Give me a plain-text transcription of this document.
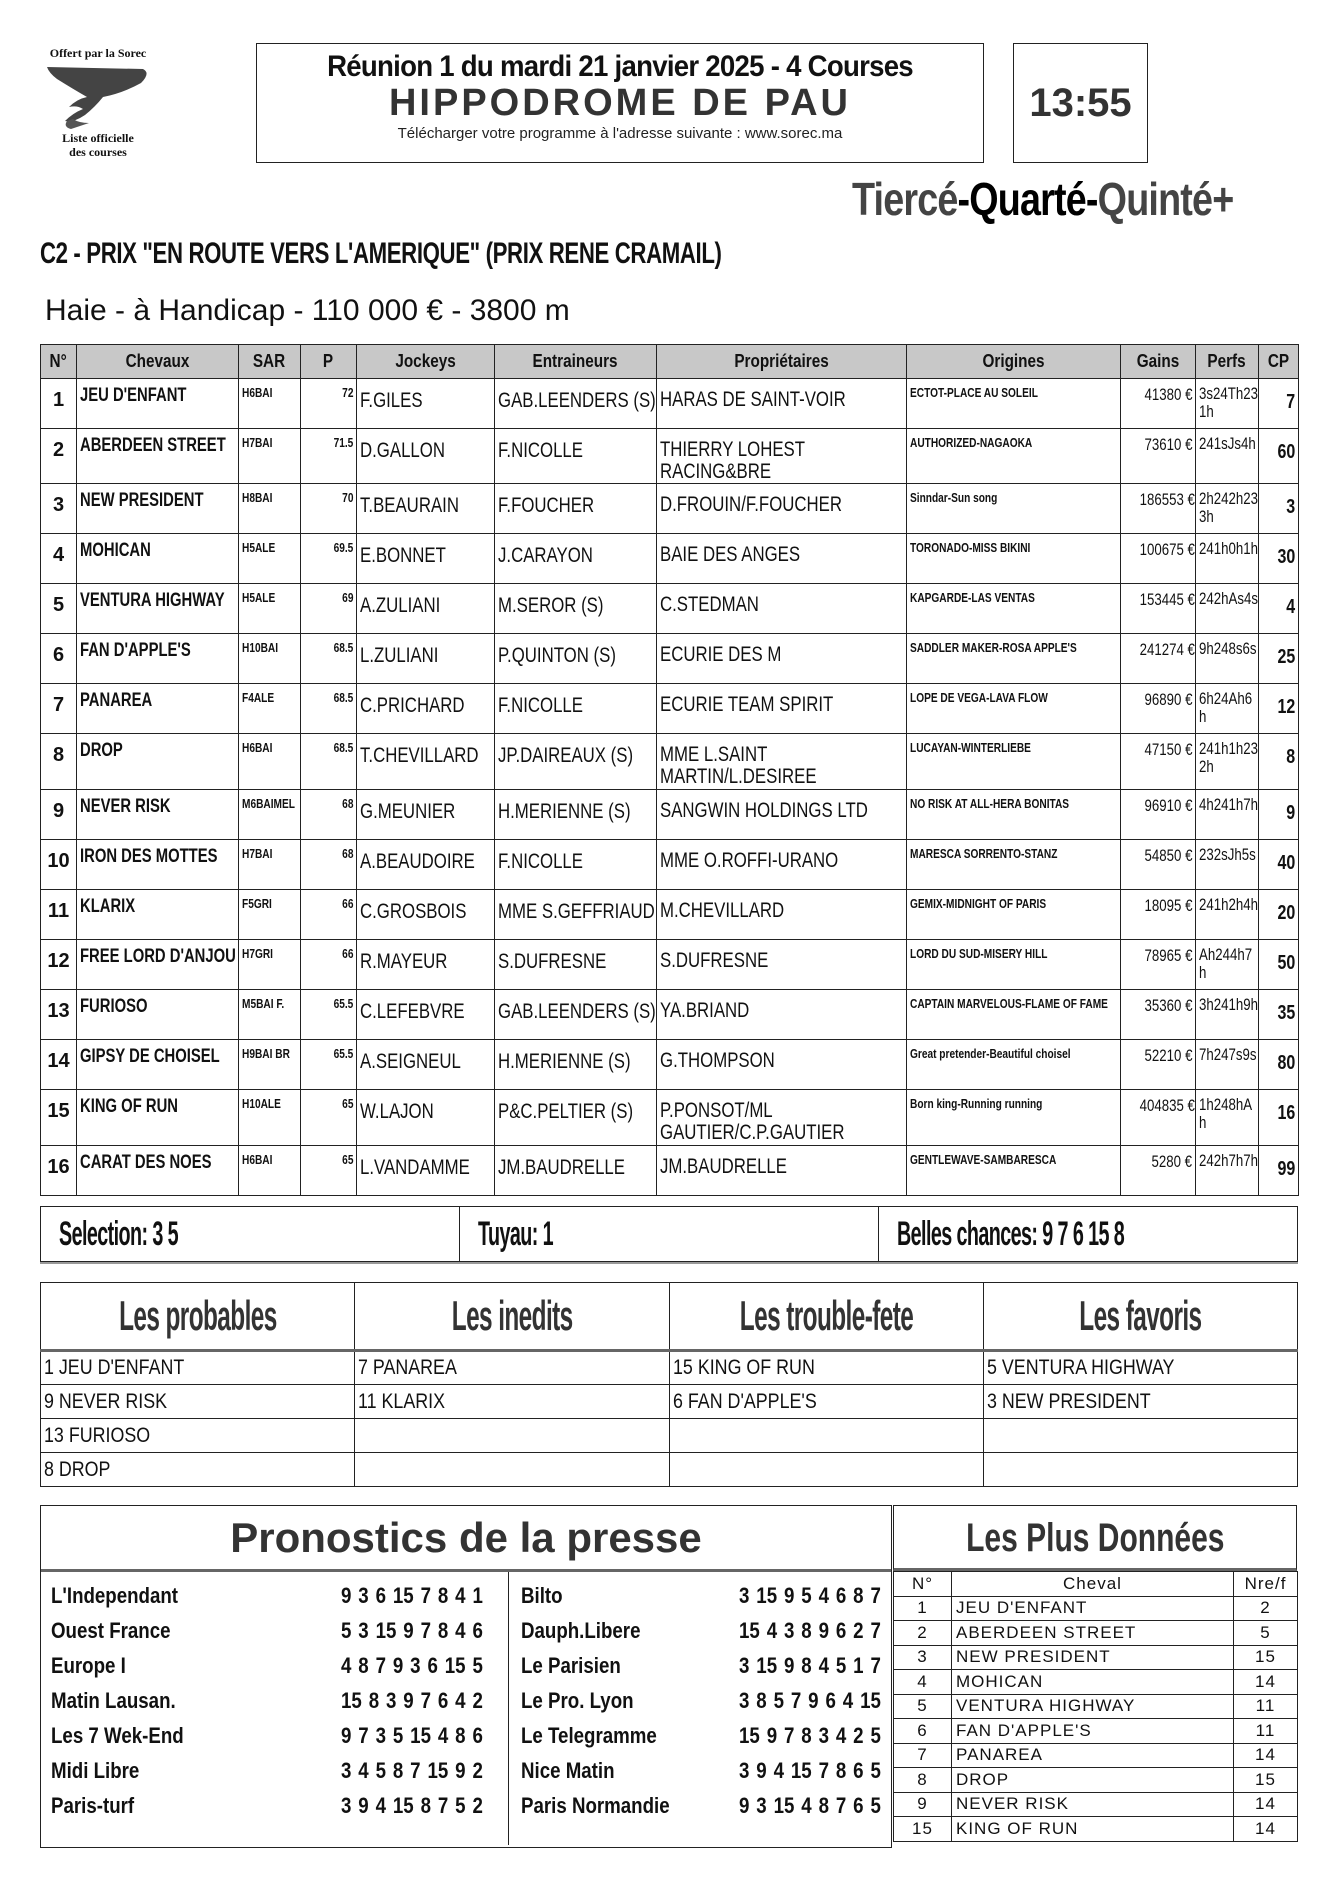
Offert par la Sorec
Liste officielle
des courses
Réunion 1 du mardi 21 janvier 2025 - 4 Courses
HIPPODROME DE PAU
Télécharger votre programme à l'adresse suivante : www.sorec.ma
13:55
Tiercé-Quarté-Quinté+
C2 - PRIX "EN ROUTE VERS L'AMERIQUE" (PRIX RENE CRAMAIL)
Haie - à Handicap - 110 000 € - 3800 m
N°	Chevaux	SAR	P	Jockeys	Entraineurs	Propriétaires	Origines	Gains	Perfs	CP
1	JEU D'ENFANT	H6BAI	72	F.GILES	GAB.LEENDERS (S)	HARAS DE SAINT-VOIR	ECTOT-PLACE AU SOLEIL	41380 €	3s24Th231h	7
2	ABERDEEN STREET	H7BAI	71.5	D.GALLON	F.NICOLLE	THIERRY LOHEST RACING&BRE	AUTHORIZED-NAGAOKA	73610 €	241sJs4h	60
3	NEW PRESIDENT	H8BAI	70	T.BEAURAIN	F.FOUCHER	D.FROUIN/F.FOUCHER	Sinndar-Sun song	186553 €	2h242h233h	3
4	MOHICAN	H5ALE	69.5	E.BONNET	J.CARAYON	BAIE DES ANGES	TORONADO-MISS BIKINI	100675 €	241h0h1h	30
5	VENTURA HIGHWAY	H5ALE	69	A.ZULIANI	M.SEROR (S)	C.STEDMAN	KAPGARDE-LAS VENTAS	153445 €	242hAs4s	4
6	FAN D'APPLE'S	H10BAI	68.5	L.ZULIANI	P.QUINTON (S)	ECURIE DES M	SADDLER MAKER-ROSA APPLE'S	241274 €	9h248s6s	25
7	PANAREA	F4ALE	68.5	C.PRICHARD	F.NICOLLE	ECURIE TEAM SPIRIT	LOPE DE VEGA-LAVA FLOW	96890 €	6h24Ah6h	12
8	DROP	H6BAI	68.5	T.CHEVILLARD	JP.DAIREAUX (S)	MME L.SAINT MARTIN/L.DESIREE	LUCAYAN-WINTERLIEBE	47150 €	241h1h232h	8
9	NEVER RISK	M6BAIMEL	68	G.MEUNIER	H.MERIENNE (S)	SANGWIN HOLDINGS LTD	NO RISK AT ALL-HERA BONITAS	96910 €	4h241h7h	9
10	IRON DES MOTTES	H7BAI	68	A.BEAUDOIRE	F.NICOLLE	MME O.ROFFI-URANO	MARESCA SORRENTO-STANZ	54850 €	232sJh5s	40
11	KLARIX	F5GRI	66	C.GROSBOIS	MME S.GEFFRIAUD	M.CHEVILLARD	GEMIX-MIDNIGHT OF PARIS	18095 €	241h2h4h	20
12	FREE LORD D'ANJOU	H7GRI	66	R.MAYEUR	S.DUFRESNE	S.DUFRESNE	LORD DU SUD-MISERY HILL	78965 €	Ah244h7h	50
13	FURIOSO	M5BAI F.	65.5	C.LEFEBVRE	GAB.LEENDERS (S)	YA.BRIAND	CAPTAIN MARVELOUS-FLAME OF FAME	35360 €	3h241h9h	35
14	GIPSY DE CHOISEL	H9BAI BR	65.5	A.SEIGNEUL	H.MERIENNE (S)	G.THOMPSON	Great pretender-Beautiful choisel	52210 €	7h247s9s	80
15	KING OF RUN	H10ALE	65	W.LAJON	P&C.PELTIER (S)	P.PONSOT/ML GAUTIER/C.P.GAUTIER	Born king-Running running	404835 €	1h248hAh	16
16	CARAT DES NOES	H6BAI	65	L.VANDAMME	JM.BAUDRELLE	JM.BAUDRELLE	GENTLEWAVE-SAMBARESCA	5280 €	242h7h7h	99
Selection: 3 5	Tuyau: 1	Belles chances: 9 7 6 15 8
Les probables	Les inedits	Les trouble-fete	Les favoris
1 JEU D'ENFANT	7 PANAREA	15 KING OF RUN	5 VENTURA HIGHWAY
9 NEVER RISK	11 KLARIX	6 FAN D'APPLE'S	3 NEW PRESIDENT
13 FURIOSO			
8 DROP			
Pronostics de la presse
L'Independant	9 3 6 15 7 8 4 1
Ouest France	5 3 15 9 7 8 4 6
Europe I	4 8 7 9 3 6 15 5
Matin Lausan.	15 8 3 9 7 6 4 2
Les 7 Wek-End	9 7 3 5 15 4 8 6
Midi Libre	3 4 5 8 7 15 9 2
Paris-turf	3 9 4 15 8 7 5 2
Bilto	3 15 9 5 4 6 8 7
Dauph.Libere	15 4 3 8 9 6 2 7
Le Parisien	3 15 9 8 4 5 1 7
Le Pro. Lyon	3 8 5 7 9 6 4 15
Le Telegramme	15 9 7 8 3 4 2 5
Nice Matin	3 9 4 15 7 8 6 5
Paris Normandie	9 3 15 4 8 7 6 5
Les Plus Données
N°	Cheval	Nre/f
1	JEU D'ENFANT	2
2	ABERDEEN STREET	5
3	NEW PRESIDENT	15
4	MOHICAN	14
5	VENTURA HIGHWAY	11
6	FAN D'APPLE'S	11
7	PANAREA	14
8	DROP	15
9	NEVER RISK	14
15	KING OF RUN	14
